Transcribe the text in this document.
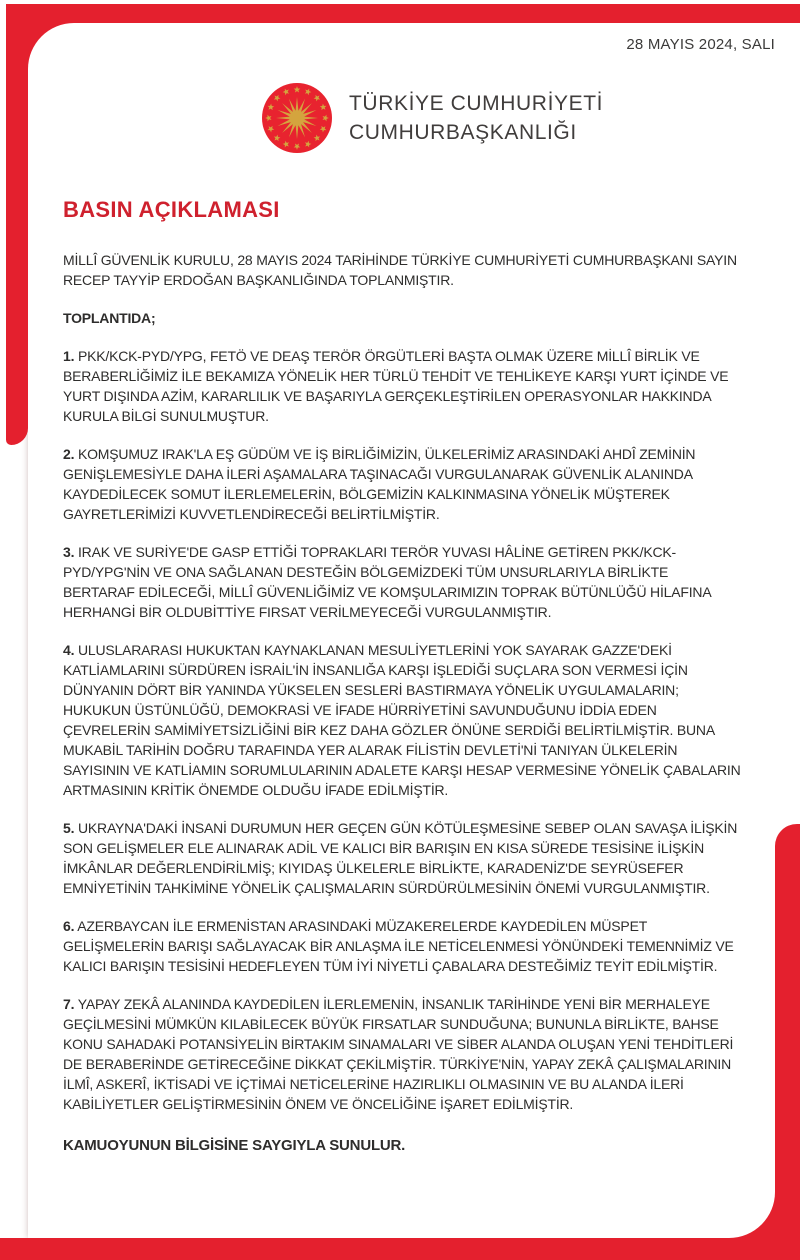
28 MAYIS 2024, SALI
TÜRKİYE CUMHURİYETİ
CUMHURBAŞKANLIĞI
BASIN AÇIKLAMASI

MİLLÎ GÜVENLİK KURULU, 28 MAYIS 2024 TARİHİNDE TÜRKİYE CUMHURİYETİ CUMHURBAŞKANI SAYIN RECEP TAYYİP ERDOĞAN BAŞKANLIĞINDA TOPLANMIŞTIR.

TOPLANTIDA;

1. PKK/KCK-PYD/YPG, FETÖ VE DEAŞ TERÖR ÖRGÜTLERİ BAŞTA OLMAK ÜZERE MİLLÎ BİRLİK VE BERABERLİĞİMİZ İLE BEKAMIZA YÖNELİK HER TÜRLÜ TEHDİT VE TEHLİKEYE KARŞI YURT İÇİNDE VE YURT DIŞINDA AZİM, KARARLILIK VE BAŞARIYLA GERÇEKLEŞTİRİLEN OPERASYONLAR HAKKINDA KURULA BİLGİ SUNULMUŞTUR.

2. KOMŞUMUZ IRAK'LA EŞ GÜDÜM VE İŞ BİRLİĞİMİZİN, ÜLKELERİMİZ ARASINDAKİ AHDÎ ZEMİNİN GENİŞLEMESİYLE DAHA İLERİ AŞAMALARA TAŞINACAĞI VURGULANARAK GÜVENLİK ALANINDA KAYDEDİLECEK SOMUT İLERLEMELERİN, BÖLGEMİZİN KALKINMASINA YÖNELİK MÜŞTEREK GAYRETLERİMİZİ KUVVETLENDİRECEĞİ BELİRTİLMİŞTİR.

3. IRAK VE SURİYE'DE GASP ETTİĞİ TOPRAKLARI TERÖR YUVASI HÂLİNE GETİREN PKK/KCK-PYD/YPG'NİN VE ONA SAĞLANAN DESTEĞİN BÖLGEMİZDEKİ TÜM UNSURLARIYLA BİRLİKTE BERTARAF EDİLECEĞİ, MİLLÎ GÜVENLİĞİMİZ VE KOMŞULARIMIZIN TOPRAK BÜTÜNLÜĞÜ HİLAFINA HERHANGİ BİR OLDUBİTTİYE FIRSAT VERİLMEYECEĞİ VURGULANMIŞTIR.

4. ULUSLARARASI HUKUKTAN KAYNAKLANAN MESULİYETLERİNİ YOK SAYARAK GAZZE'DEKİ KATLİAMLARINI SÜRDÜREN İSRAİL'İN İNSANLIĞA KARŞI İŞLEDİĞİ SUÇLARA SON VERMESİ İÇİN DÜNYANIN DÖRT BİR YANINDA YÜKSELEN SESLERİ BASTIRMAYA YÖNELİK UYGULAMALARIN; HUKUKUN ÜSTÜNLÜĞÜ, DEMOKRASİ VE İFADE HÜRRİYETİNİ SAVUNDUĞUNU İDDİA EDEN ÇEVRELERİN SAMİMİYETSİZLİĞİNİ BİR KEZ DAHA GÖZLER ÖNÜNE SERDİĞİ BELİRTİLMİŞTİR. BUNA MUKABİL TARİHİN DOĞRU TARAFINDA YER ALARAK FİLİSTİN DEVLETİ'Nİ TANIYAN ÜLKELERİN SAYISININ VE KATLİAMIN SORUMLULARININ ADALETE KARŞI HESAP VERMESİNE YÖNELİK ÇABALARIN ARTMASININ KRİTİK ÖNEMDE OLDUĞU İFADE EDİLMİŞTİR.

5. UKRAYNA'DAKİ İNSANİ DURUMUN HER GEÇEN GÜN KÖTÜLEŞMESİNE SEBEP OLAN SAVAŞA İLİŞKİN SON GELİŞMELER ELE ALINARAK ADİL VE KALICI BİR BARIŞIN EN KISA SÜREDE TESİSİNE İLİŞKİN İMKÂNLAR DEĞERLENDİRİLMİŞ; KIYIDAŞ ÜLKELERLE BİRLİKTE, KARADENİZ'DE SEYRÜSEFER EMNİYETİNİN TAHKİMİNE YÖNELİK ÇALIŞMALARIN SÜRDÜRÜLMESİNİN ÖNEMİ VURGULANMIŞTIR.

6. AZERBAYCAN İLE ERMENİSTAN ARASINDAKİ MÜZAKERELERDE KAYDEDİLEN MÜSPET GELİŞMELERİN BARIŞI SAĞLAYACAK BİR ANLAŞMA İLE NETİCELENMESİ YÖNÜNDEKİ TEMENNİMİZ VE KALICI BARIŞIN TESİSİNİ HEDEFLEYEN TÜM İYİ NİYETLİ ÇABALARA DESTEĞİMİZ TEYİT EDİLMİŞTİR.

7. YAPAY ZEKÂ ALANINDA KAYDEDİLEN İLERLEMENİN, İNSANLIK TARİHİNDE YENİ BİR MERHALEYE GEÇİLMESİNİ MÜMKÜN KILABİLECEK BÜYÜK FIRSATLAR SUNDUĞUNA; BUNUNLA BİRLİKTE, BAHSE KONU SAHADAKİ POTANSİYELİN BİRTAKIM SINAMALARI VE SİBER ALANDA OLUŞAN YENİ TEHDİTLERİ DE BERABERİNDE GETİRECEĞİNE DİKKAT ÇEKİLMİŞTİR. TÜRKİYE'NİN, YAPAY ZEKÂ ÇALIŞMALARININ İLMÎ, ASKERÎ, İKTİSADİ VE İÇTİMAİ NETİCELERİNE HAZIRLIKLI OLMASININ VE BU ALANDA İLERİ KABİLİYETLER GELİŞTİRMESİNİN ÖNEM VE ÖNCELİĞİNE İŞARET EDİLMİŞTİR.

KAMUOYUNUN BİLGİSİNE SAYGIYLA SUNULUR.
